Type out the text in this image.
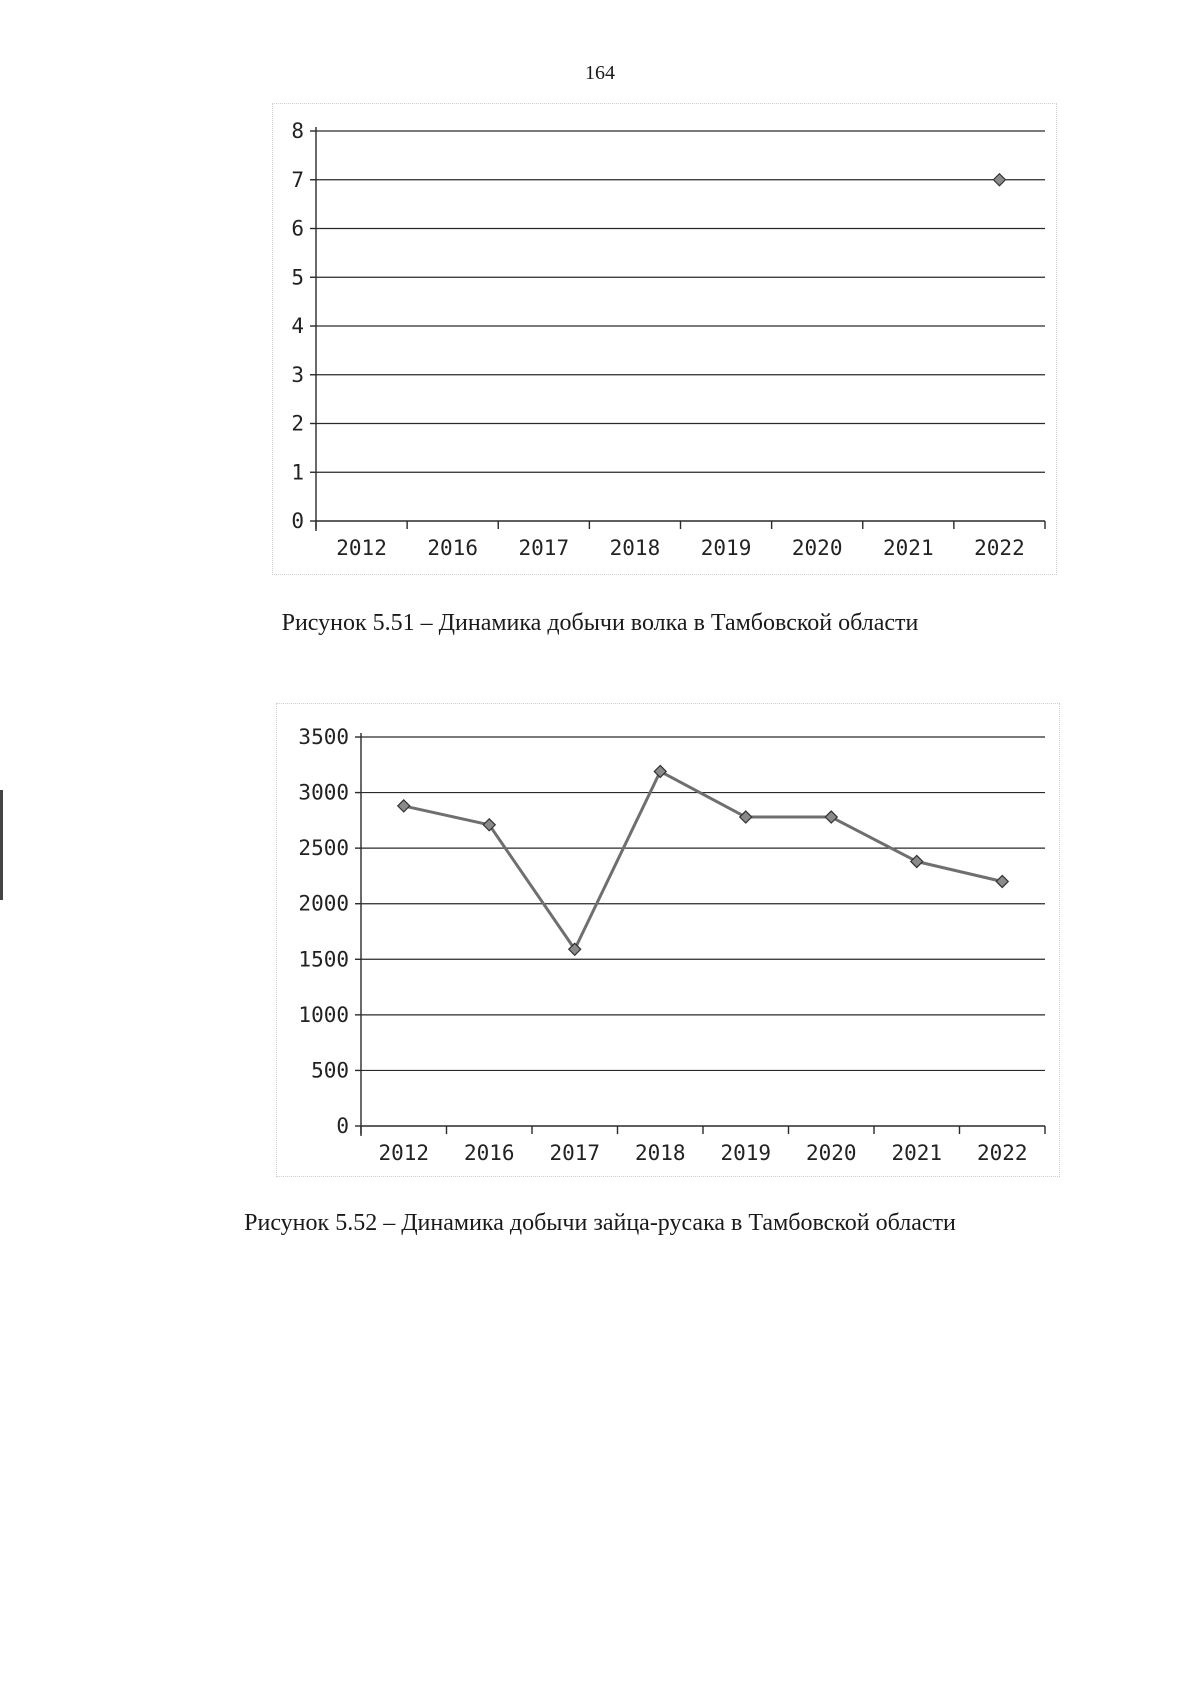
164
0
1
2
3
4
5
6
7
8
2012 2016 2017 2018 2019 2020 2021 2022
Рисунок 5.51 – Динамика добычи волка в Тамбовской области
0
500
1000
1500
2000
2500
3000
3500
2012 2016 2017 2018 2019 2020 2021 2022
Рисунок 5.52 – Динамика добычи зайца-русака в Тамбовской области
